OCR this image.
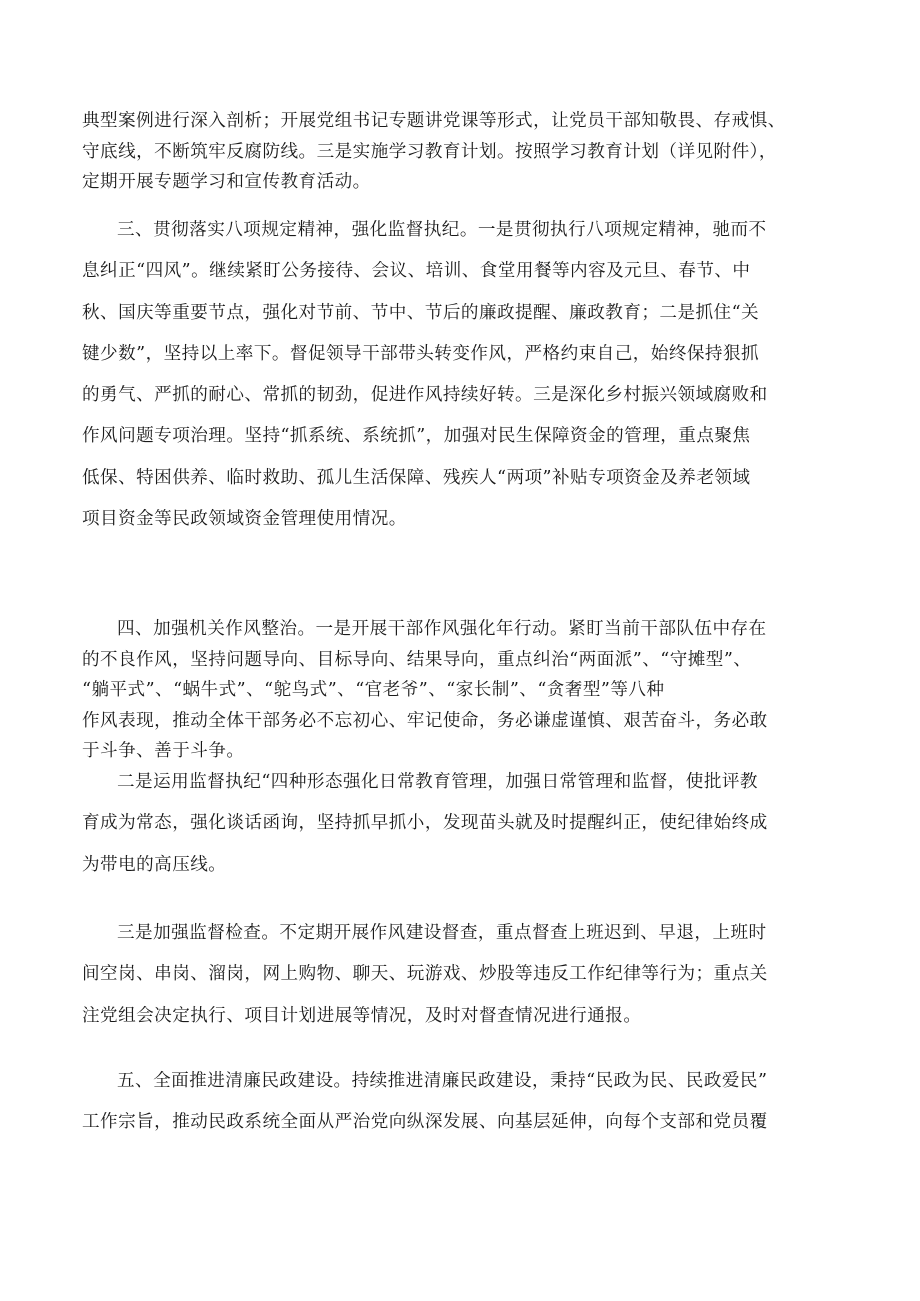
典型案例进行深入剖析；开展党组书记专题讲党课等形式，让党员干部知敬畏、存戒惧、
守底线，不断筑牢反腐防线。三是实施学习教育计划。按照学习教育计划（详见附件），
定期开展专题学习和宣传教育活动。
三、贯彻落实八项规定精神，强化监督执纪。一是贯彻执行八项规定精神，驰而不
息纠正“四风”。继续紧盯公务接待、会议、培训、食堂用餐等内容及元旦、春节、中
秋、国庆等重要节点，强化对节前、节中、节后的廉政提醒、廉政教育；二是抓住“关
键少数”，坚持以上率下。督促领导干部带头转变作风，严格约束自己，始终保持狠抓
的勇气、严抓的耐心、常抓的韧劲，促进作风持续好转。三是深化乡村振兴领域腐败和
作风问题专项治理。坚持“抓系统、系统抓”，加强对民生保障资金的管理，重点聚焦
低保、特困供养、临时救助、孤儿生活保障、残疾人“两项”补贴专项资金及养老领域
项目资金等民政领域资金管理使用情况。
四、加强机关作风整治。一是开展干部作风强化年行动。紧盯当前干部队伍中存在
的不良作风，坚持问题导向、目标导向、结果导向，重点纠治“两面派”、“守摊型”、
“躺平式”、“蜗牛式”、“鸵鸟式”、“官老爷”、“家长制”、“贪奢型”等八种
作风表现，推动全体干部务必不忘初心、牢记使命，务必谦虚谨慎、艰苦奋斗，务必敢
于斗争、善于斗争。
二是运用监督执纪“四种形态强化日常教育管理，加强日常管理和监督，使批评教
育成为常态，强化谈话函询，坚持抓早抓小，发现苗头就及时提醒纠正，使纪律始终成
为带电的高压线。
三是加强监督检查。不定期开展作风建设督查，重点督查上班迟到、早退，上班时
间空岗、串岗、溜岗，网上购物、聊天、玩游戏、炒股等违反工作纪律等行为；重点关
注党组会决定执行、项目计划进展等情况，及时对督查情况进行通报。
五、全面推进清廉民政建设。持续推进清廉民政建设，秉持“民政为民、民政爱民”
工作宗旨，推动民政系统全面从严治党向纵深发展、向基层延伸，向每个支部和党员覆
